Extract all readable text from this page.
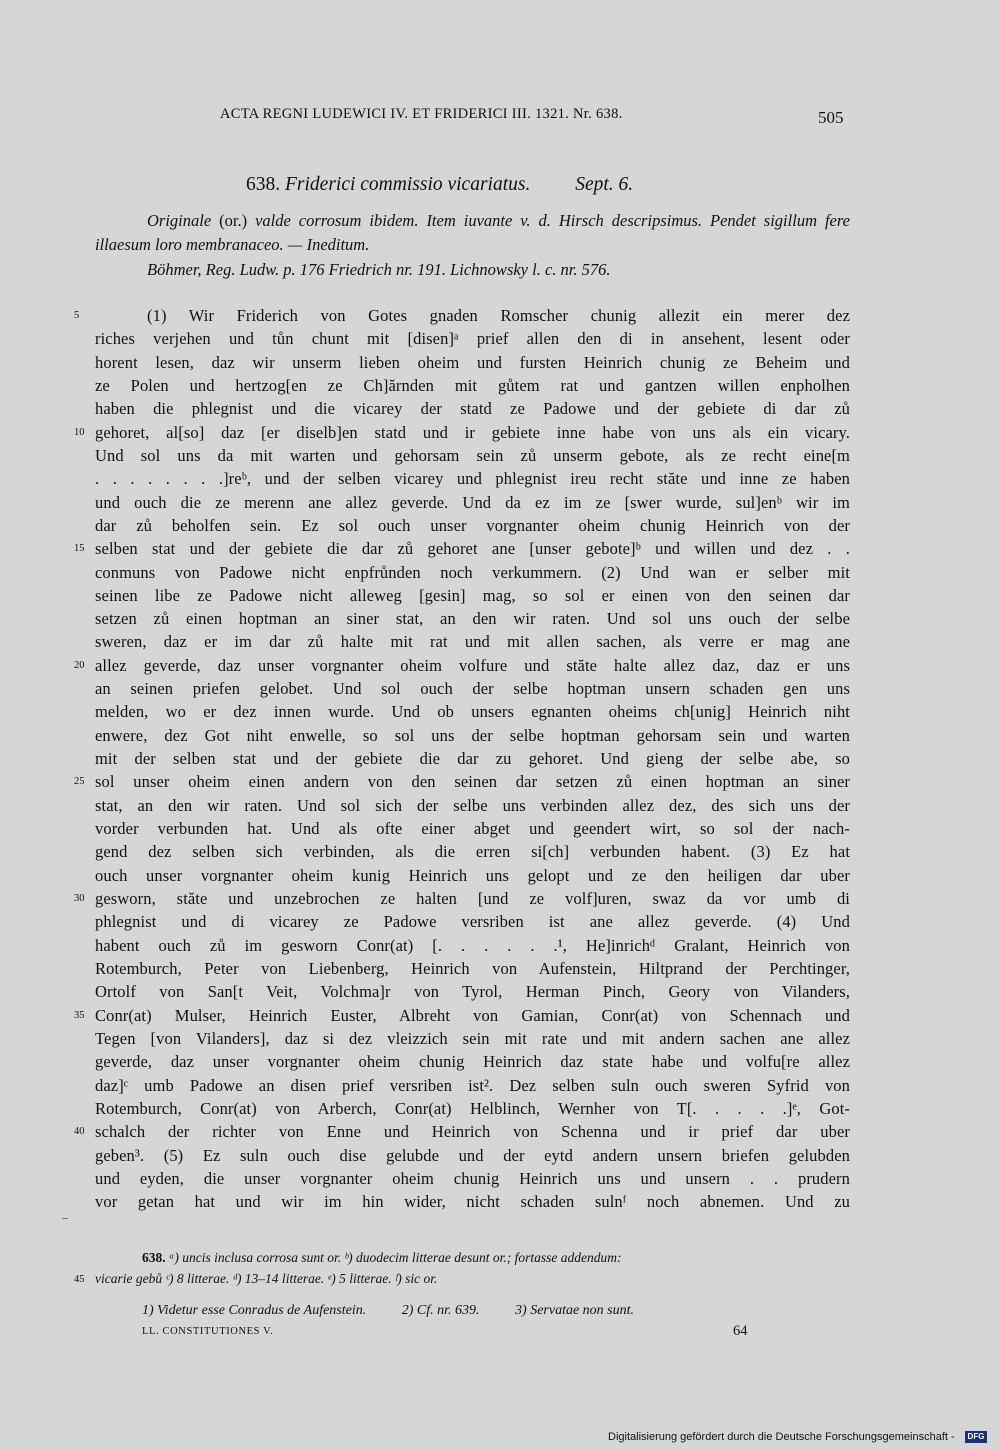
ACTA REGNI LUDEWICI IV. ET FRIDERICI III. 1321. Nr. 638.	505
638. Friderici commissio vicariatus. Sept. 6.

Originale (or.) valde corrosum ibidem. Item iuvante v. d. Hirsch descripsimus. Pendet sigillum fere illaesum loro membranaceo. — Ineditum.

Böhmer, Reg. Ludw. p. 176 Friedrich nr. 191. Lichnowsky l. c. nr. 576.

5	(1) Wir Friderich von Gotes gnaden Romscher chunig allezit ein merer dez
riches verjehen und tůn chunt mit [disen]ᵃ prief allen den di in ansehent, lesent oder
horent lesen, daz wir unserm lieben oheim und fursten Heinrich chunig ze Beheim und
ze Polen und hertzog[en ze Ch]ărnden mit gůtem rat und gantzen willen enpholhen
haben die phlegnist und die vicarey der statd ze Padowe und der gebiete di dar zů
10 gehoret, al[so] daz [er diselb]en statd und ir gebiete inne habe von uns als ein vicary.
Und sol uns da mit warten und gehorsam sein zů unserm gebote, als ze recht eine[m
. . . . . . . .]reᵇ, und der selben vicarey und phlegnist ireu recht stăte und inne ze haben
und ouch die ze merenn ane allez geverde. Und da ez im ze [swer wurde, sul]enᵇ wir im
dar zů beholfen sein. Ez sol ouch unser vorgnanter oheim chunig Heinrich von der
15 selben stat und der gebiete die dar zů gehoret ane [unser gebote]ᵇ und willen und dez . .
conmuns von Padowe nicht enpfrůnden noch verkummern. (2) Und wan er selber mit
seinen libe ze Padowe nicht alleweg [gesin] mag, so sol er einen von den seinen dar
setzen zů einen hoptman an siner stat, an den wir raten. Und sol uns ouch der selbe
sweren, daz er im dar zů halte mit rat und mit allen sachen, als verre er mag ane
20 allez geverde, daz unser vorgnanter oheim volfure und stăte halte allez daz, daz er uns
an seinen priefen gelobet. Und sol ouch der selbe hoptman unsern schaden gen uns
melden, wo er dez innen wurde. Und ob unsers egnanten oheims ch[unig] Heinrich niht
enwere, dez Got niht enwelle, so sol uns der selbe hoptman gehorsam sein und warten
mit der selben stat und der gebiete die dar zu gehoret. Und gieng der selbe abe, so
25 sol unser oheim einen andern von den seinen dar setzen zů einen hoptman an siner
stat, an den wir raten. Und sol sich der selbe uns verbinden allez dez, des sich uns der
vorder verbunden hat. Und als ofte einer abget und geendert wirt, so sol der nach-
gend dez selben sich verbinden, als die erren si[ch] verbunden habent. (3) Ez hat
ouch unser vorgnanter oheim kunig Heinrich uns gelopt und ze den heiligen dar uber
30 gesworn, stăte und unzebrochen ze halten [und ze volf]uren, swaz da vor umb di
phlegnist und di vicarey ze Padowe versriben ist ane allez geverde. (4) Und
habent ouch zů im gesworn Conr(at) [. . . . . .¹, He]inrichᵈ Gralant, Heinrich von
Rotemburch, Peter von Liebenberg, Heinrich von Aufenstein, Hiltprand der Perchtinger,
Ortolf von San[t Veit, Volchma]r von Tyrol, Herman Pinch, Geory von Vilanders,
35 Conr(at) Mulser, Heinrich Euster, Albreht von Gamian, Conr(at) von Schennach und
Tegen [von Vilanders], daz si dez vleizzich sein mit rate und mit andern sachen ane allez
geverde, daz unser vorgnanter oheim chunig Heinrich daz state habe und volfu[re allez
daz]ᶜ umb Padowe an disen prief versriben ist². Dez selben suln ouch sweren Syfrid von
Rotemburch, Conr(at) von Arberch, Conr(at) Helblinch, Wernher von T[. . . . .]ᵉ, Got-
40 schalch der richter von Enne und Heinrich von Schenna und ir prief dar uber
geben³. (5) Ez suln ouch dise gelubde und der eytd andern unsern briefen gelubden
und eyden, die unser vorgnanter oheim chunig Heinrich uns und unsern . . prudern
vor getan hat und wir im hin wider, nicht schaden sulnᶠ noch abnemen. Und zu
638. ᵃ) uncis inclusa corrosa sunt or. ᵇ) duodecim litterae desunt or.; fortasse addendum:
45 vicarie gebů ᶜ) 8 litterae. ᵈ) 13–14 litterae. ᵉ) 5 litterae. ᶠ) sic or.
1) Videtur esse Conradus de Aufenstein.	2) Cf. nr. 639.	3) Servatae non sunt.
LL. CONSTITUTIONES V.	64
Digitalisierung gefördert durch die Deutsche Forschungsgemeinschaft -	DFG
